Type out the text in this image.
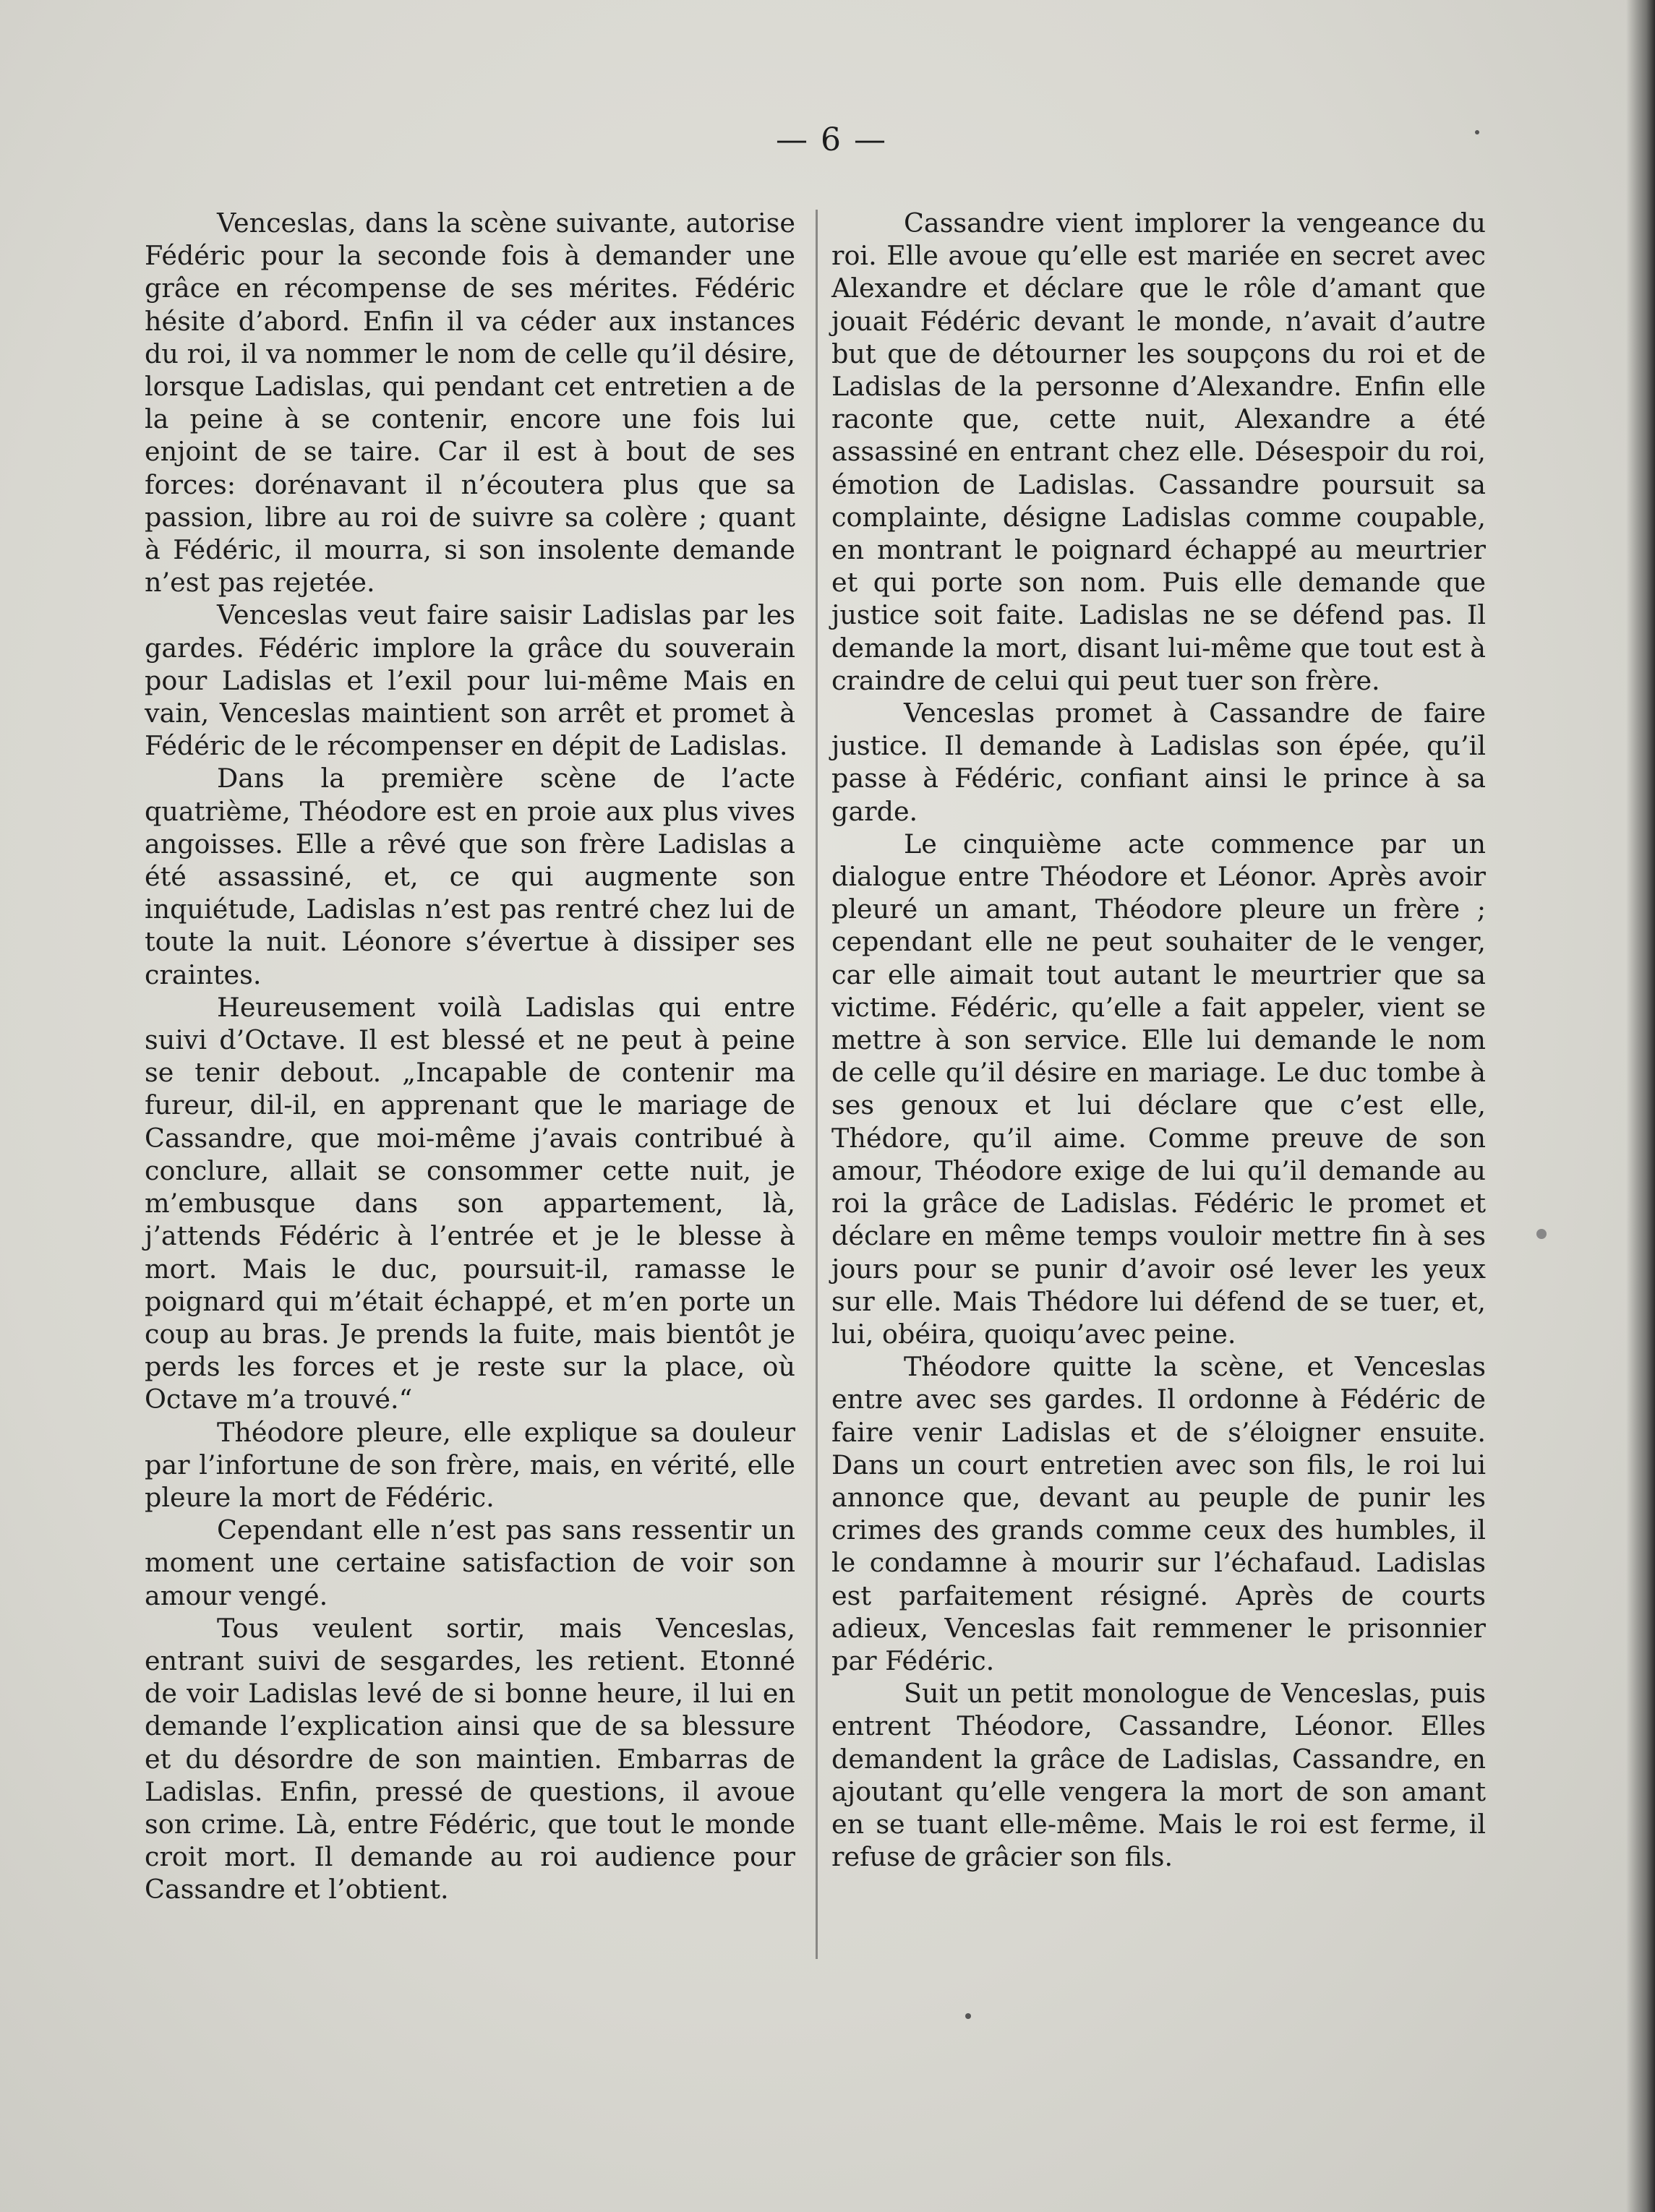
— 6 —

Venceslas, dans la scène suivante, autorise Fédéric pour la seconde fois à demander une grâce en récompense de ses mérites. Fédéric hésite d’abord. Enfin il va céder aux instances du roi, il va nommer le nom de celle qu’il désire, lorsque Ladislas, qui pendant cet entretien a de la peine à se contenir, encore une fois lui enjoint de se taire. Car il est à bout de ses forces: dorénavant il n’écoutera plus que sa passion, libre au roi de suivre sa colère ; quant à Fédéric, il mourra, si son insolente demande n’est pas rejetée.

Venceslas veut faire saisir Ladislas par les gardes. Fédéric implore la grâce du souverain pour Ladislas et l’exil pour lui-même Mais en vain, Venceslas maintient son arrêt et promet à Fédéric de le récompenser en dépit de Ladislas.

Dans la première scène de l’acte quatrième, Théodore est en proie aux plus vives angoisses. Elle a rêvé que son frère Ladislas a été assassiné, et, ce qui augmente son inquiétude, Ladislas n’est pas rentré chez lui de toute la nuit. Léonore s’évertue à dissiper ses craintes.

Heureusement voilà Ladislas qui entre suivi d’Octave. Il est blessé et ne peut à peine se tenir debout. „Incapable de contenir ma fureur, dil-il, en apprenant que le mariage de Cassandre, que moi-même j’avais contribué à conclure, allait se consommer cette nuit, je m’embusque dans son appartement, là, j’attends Fédéric à l’entrée et je le blesse à mort. Mais le duc, poursuit-il, ramasse le poignard qui m’était échappé, et m’en porte un coup au bras. Je prends la fuite, mais bientôt je perds les forces et je reste sur la place, où Octave m’a trouvé.“

Théodore pleure, elle explique sa douleur par l’infortune de son frère, mais, en vérité, elle pleure la mort de Fédéric.

Cependant elle n’est pas sans ressentir un moment une certaine satisfaction de voir son amour vengé.

Tous veulent sortir, mais Venceslas, entrant suivi de sesgardes, les retient. Etonné de voir Ladislas levé de si bonne heure, il lui en demande l’explication ainsi que de sa blessure et du désordre de son maintien. Embarras de Ladislas. Enfin, pressé de questions, il avoue son crime. Là, entre Fédéric, que tout le monde croit mort. Il demande au roi audience pour Cassandre et l’obtient.

Cassandre vient implorer la vengeance du roi. Elle avoue qu’elle est mariée en secret avec Alexandre et déclare que le rôle d’amant que jouait Fédéric devant le monde, n’avait d’autre but que de détourner les soupçons du roi et de Ladislas de la personne d’Alexandre. Enfin elle raconte que, cette nuit, Alexandre a été assassiné en entrant chez elle. Désespoir du roi, émotion de Ladislas. Cassandre poursuit sa complainte, désigne Ladislas comme coupable, en montrant le poignard échappé au meurtrier et qui porte son nom. Puis elle demande que justice soit faite. Ladislas ne se défend pas. Il demande la mort, disant lui-même que tout est à craindre de celui qui peut tuer son frère.

Venceslas promet à Cassandre de faire justice. Il demande à Ladislas son épée, qu’il passe à Fédéric, confiant ainsi le prince à sa garde.

Le cinquième acte commence par un dialogue entre Théodore et Léonor. Après avoir pleuré un amant, Théodore pleure un frère ; cependant elle ne peut souhaiter de le venger, car elle aimait tout autant le meurtrier que sa victime. Fédéric, qu’elle a fait appeler, vient se mettre à son service. Elle lui demande le nom de celle qu’il désire en mariage. Le duc tombe à ses genoux et lui déclare que c’est elle, Thédore, qu’il aime. Comme preuve de son amour, Théodore exige de lui qu’il demande au roi la grâce de Ladislas. Fédéric le promet et déclare en même temps vouloir mettre fin à ses jours pour se punir d’avoir osé lever les yeux sur elle. Mais Thédore lui défend de se tuer, et, lui, obéira, quoiqu’avec peine.

Théodore quitte la scène, et Venceslas entre avec ses gardes. Il ordonne à Fédéric de faire venir Ladislas et de s’éloigner ensuite. Dans un court entretien avec son fils, le roi lui annonce que, devant au peuple de punir les crimes des grands comme ceux des humbles, il le condamne à mourir sur l’échafaud. Ladislas est parfaitement résigné. Après de courts adieux, Venceslas fait remmener le prisonnier par Fédéric.

Suit un petit monologue de Venceslas, puis entrent Théodore, Cassandre, Léonor. Elles demandent la grâce de Ladislas, Cassandre, en ajoutant qu’elle vengera la mort de son amant en se tuant elle-même. Mais le roi est ferme, il refuse de grâcier son fils.
